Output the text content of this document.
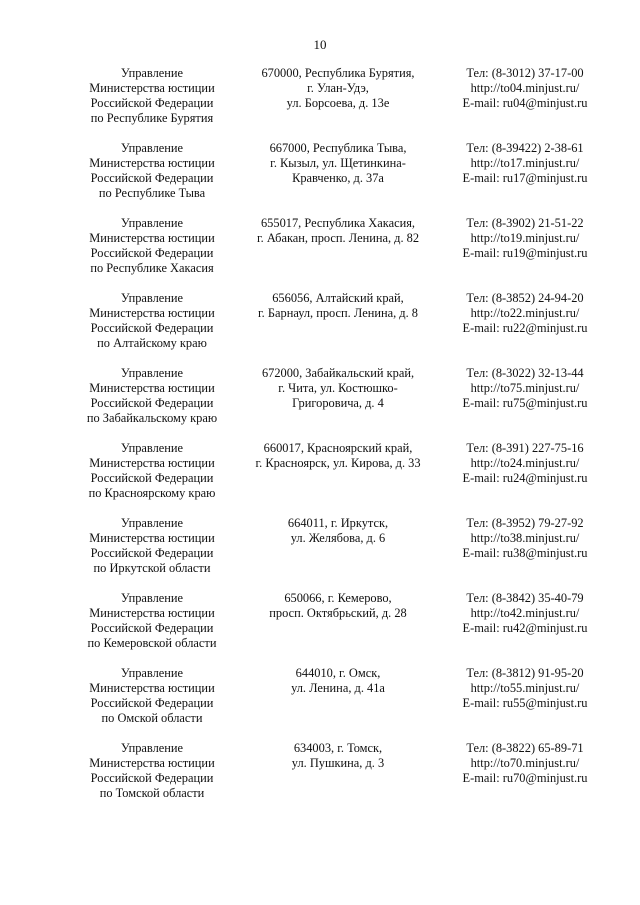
10
Управление
Министерства юстиции
Российской Федерации
по Республике Бурятия
670000, Республика Бурятия,
г. Улан-Удэ,
ул. Борсоева, д. 13е
Тел: (8-3012) 37-17-00
http://to04.minjust.ru/
E-mail: ru04@minjust.ru
Управление
Министерства юстиции
Российской Федерации
по Республике Тыва
667000, Республика Тыва,
г. Кызыл, ул. Щетинкина-
Кравченко, д. 37а
Тел: (8-39422) 2-38-61
http://to17.minjust.ru/
E-mail: ru17@minjust.ru
Управление
Министерства юстиции
Российской Федерации
по Республике Хакасия
655017, Республика Хакасия,
г. Абакан, просп. Ленина, д. 82
Тел: (8-3902) 21-51-22
http://to19.minjust.ru/
E-mail: ru19@minjust.ru
Управление
Министерства юстиции
Российской Федерации
по Алтайскому краю
656056, Алтайский край,
г. Барнаул, просп. Ленина, д. 8
Тел: (8-3852) 24-94-20
http://to22.minjust.ru/
E-mail: ru22@minjust.ru
Управление
Министерства юстиции
Российской Федерации
по Забайкальскому краю
672000, Забайкальский край,
г. Чита, ул. Костюшко-
Григоровича, д. 4
Тел: (8-3022) 32-13-44
http://to75.minjust.ru/
E-mail: ru75@minjust.ru
Управление
Министерства юстиции
Российской Федерации
по Красноярскому краю
660017, Красноярский край,
г. Красноярск, ул. Кирова, д. 33
Тел: (8-391) 227-75-16
http://to24.minjust.ru/
E-mail: ru24@minjust.ru
Управление
Министерства юстиции
Российской Федерации
по Иркутской области
664011, г. Иркутск,
ул. Желябова, д. 6
Тел: (8-3952) 79-27-92
http://to38.minjust.ru/
E-mail: ru38@minjust.ru
Управление
Министерства юстиции
Российской Федерации
по Кемеровской области
650066, г. Кемерово,
просп. Октябрьский, д. 28
Тел: (8-3842) 35-40-79
http://to42.minjust.ru/
E-mail: ru42@minjust.ru
Управление
Министерства юстиции
Российской Федерации
по Омской области
644010, г. Омск,
ул. Ленина, д. 41а
Тел: (8-3812) 91-95-20
http://to55.minjust.ru/
E-mail: ru55@minjust.ru
Управление
Министерства юстиции
Российской Федерации
по Томской области
634003, г. Томск,
ул. Пушкина, д. 3
Тел: (8-3822) 65-89-71
http://to70.minjust.ru/
E-mail: ru70@minjust.ru
